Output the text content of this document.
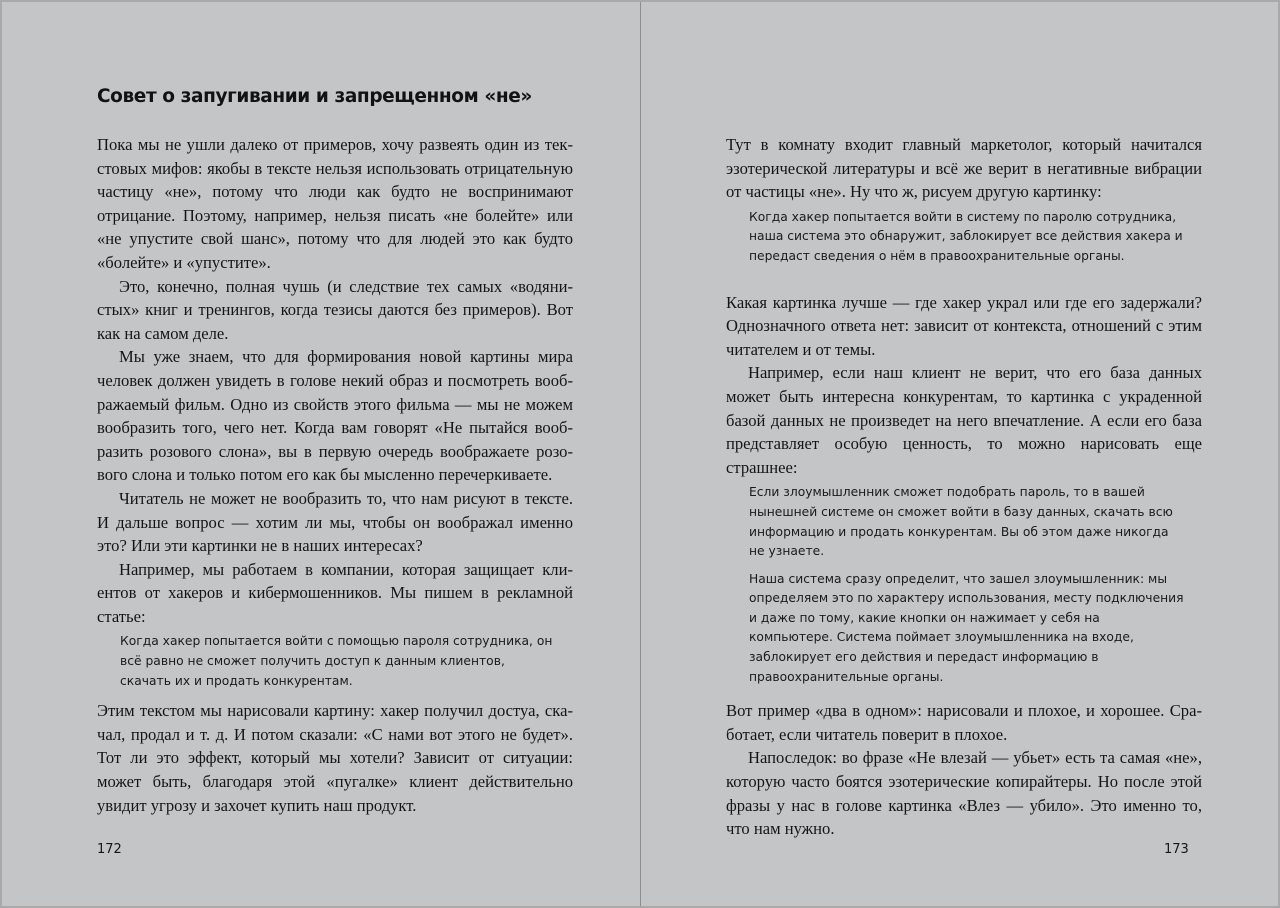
Совет о запугивании и запрещенном «не»

Пока мы не ушли далеко от примеров, хочу развеять один из текстовых мифов: якобы в тексте нельзя использовать отрицательную частицу «не», потому что люди как будто не воспринимают отрицание. Поэтому, например, нельзя писать «не болейте» или «не упустите свой шанс», потому что для людей это как будто «болейте» и «упустите».

Это, конечно, полная чушь (и следствие тех самых «водянистых» книг и тренингов, когда тезисы даются без примеров). Вот как на самом деле.

Мы уже знаем, что для формирования новой картины мира человек должен увидеть в голове некий образ и посмотреть воображаемый фильм. Одно из свойств этого фильма — мы не можем вообразить того, чего нет. Когда вам говорят «Не пытайся вообразить розового слона», вы в первую очередь воображаете розового слона и только потом его как бы мысленно перечеркиваете.

Читатель не может не вообразить то, что нам рисуют в тексте. И дальше вопрос — хотим ли мы, чтобы он воображал именно это? Или эти картинки не в наших интересах?

Например, мы работаем в компании, которая защищает клиентов от хакеров и кибермошенников. Мы пишем в рекламной статье:

Когда хакер попытается войти с помощью пароля сотрудника, он всё равно не сможет получить доступ к данным клиентов, скачать их и продать конкурентам.

Этим текстом мы нарисовали картину: хакер получил достуа, скачал, продал и т. д. И потом сказали: «С нами вот этого не будет». Тот ли это эффект, который мы хотели? Зависит от ситуации: может быть, благодаря этой «пугалке» клиент действительно увидит угрозу и захочет купить наш продукт.

172

Тут в комнату входит главный маркетолог, который начитался эзотерической литературы и всё же верит в негативные вибрации от частицы «не». Ну что ж, рисуем другую картинку:

Когда хакер попытается войти в систему по паролю сотрудника, наша система это обнаружит, заблокирует все действия хакера и передаст сведения о нём в правоохранительные органы.

Какая картинка лучше — где хакер украл или где его задержали? Однозначного ответа нет: зависит от контекста, отношений с этим читателем и от темы.

Например, если наш клиент не верит, что его база данных может быть интересна конкурентам, то картинка с украденной базой данных не произведет на него впечатление. А если его база представляет особую ценность, то можно нарисовать еще страшнее:

Если злоумышленник сможет подобрать пароль, то в вашей нынешней системе он сможет войти в базу данных, скачать всю информацию и продать конкурентам. Вы об этом даже никогда не узнаете.

Наша система сразу определит, что зашел злоумышленник: мы определяем это по характеру использования, месту подключения и даже по тому, какие кнопки он нажимает у себя на компьютере. Система поймает злоумышленника на входе, заблокирует его действия и передаст информацию в правоохранительные органы.

Вот пример «два в одном»: нарисовали и плохое, и хорошее. Сработает, если читатель поверит в плохое.

Напоследок: во фразе «Не влезай — убьет» есть та самая «не», которую часто боятся эзотерические копирайтеры. Но после этой фразы у нас в голове картинка «Влез — убило». Это именно то, что нам нужно.

173
